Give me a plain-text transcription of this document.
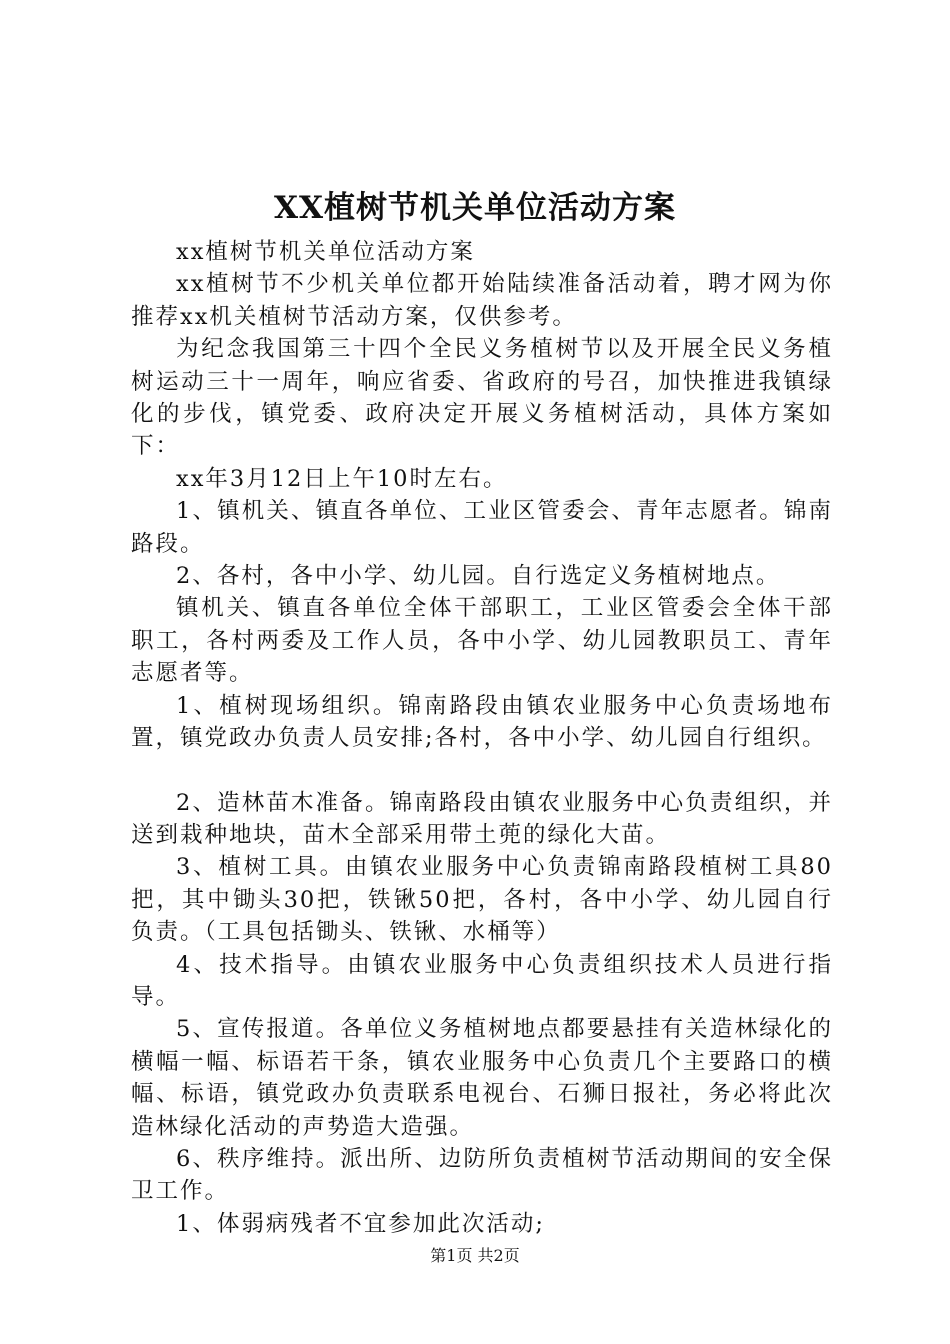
XX植树节机关单位活动方案

xx植树节机关单位活动方案

xx植树节不少机关单位都开始陆续准备活动着，聘才网为你推荐xx机关植树节活动方案，仅供参考。

为纪念我国第三十四个全民义务植树节以及开展全民义务植树运动三十一周年，响应省委、省政府的号召，加快推进我镇绿化的步伐，镇党委、政府决定开展义务植树活动，具体方案如下：

xx年3月12日上午10时左右。

1、镇机关、镇直各单位、工业区管委会、青年志愿者。锦南路段。

2、各村，各中小学、幼儿园。自行选定义务植树地点。

镇机关、镇直各单位全体干部职工，工业区管委会全体干部职工，各村两委及工作人员，各中小学、幼儿园教职员工、青年志愿者等。

1、植树现场组织。锦南路段由镇农业服务中心负责场地布置，镇党政办负责人员安排;各村，各中小学、幼儿园自行组织。

2、造林苗木准备。锦南路段由镇农业服务中心负责组织，并送到栽种地块，苗木全部采用带土蔸的绿化大苗。

3、植树工具。由镇农业服务中心负责锦南路段植树工具80把，其中锄头30把，铁锹50把，各村，各中小学、幼儿园自行负责。（工具包括锄头、铁锹、水桶等）

4、技术指导。由镇农业服务中心负责组织技术人员进行指导。

5、宣传报道。各单位义务植树地点都要悬挂有关造林绿化的横幅一幅、标语若干条，镇农业服务中心负责几个主要路口的横幅、标语，镇党政办负责联系电视台、石狮日报社，务必将此次造林绿化活动的声势造大造强。

6、秩序维持。派出所、边防所负责植树节活动期间的安全保卫工作。

1、体弱病残者不宜参加此次活动;

第1页 共2页
